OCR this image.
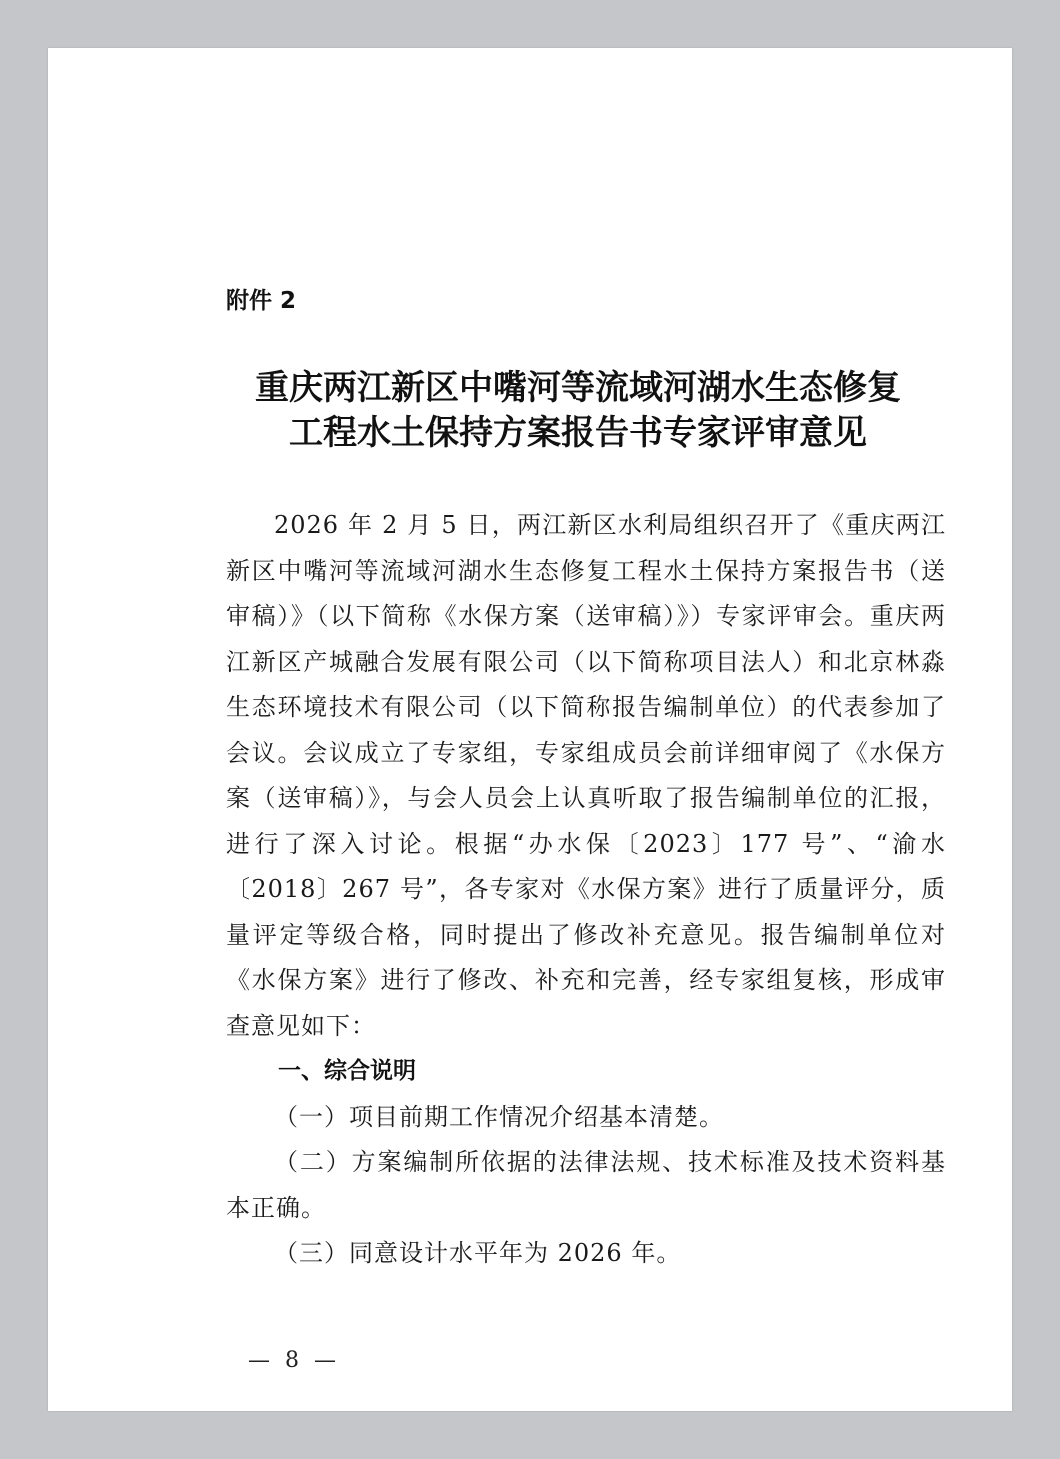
附件 2

重庆两江新区中嘴河等流域河湖水生态修复

工程水土保持方案报告书专家评审意见

2026 年 2 月 5 日，两江新区水利局组织召开了《重庆两江新区中嘴河等流域河湖水生态修复工程水土保持方案报告书（送审稿）》（以下简称《水保方案（送审稿）》）专家评审会。重庆两江新区产城融合发展有限公司（以下简称项目法人）和北京林淼生态环境技术有限公司（以下简称报告编制单位）的代表参加了会议。会议成立了专家组，专家组成员会前详细审阅了《水保方案（送审稿）》，与会人员会上认真听取了报告编制单位的汇报，进行了深入讨论。根据“办水保〔2023〕177 号”、“渝水〔2018〕267 号”，各专家对《水保方案》进行了质量评分，质量评定等级合格，同时提出了修改补充意见。报告编制单位对《水保方案》进行了修改、补充和完善，经专家组复核，形成审查意见如下：

一、综合说明

（一）项目前期工作情况介绍基本清楚。

（二）方案编制所依据的法律法规、技术标准及技术资料基本正确。

（三）同意设计水平年为 2026 年。

— 8 —
